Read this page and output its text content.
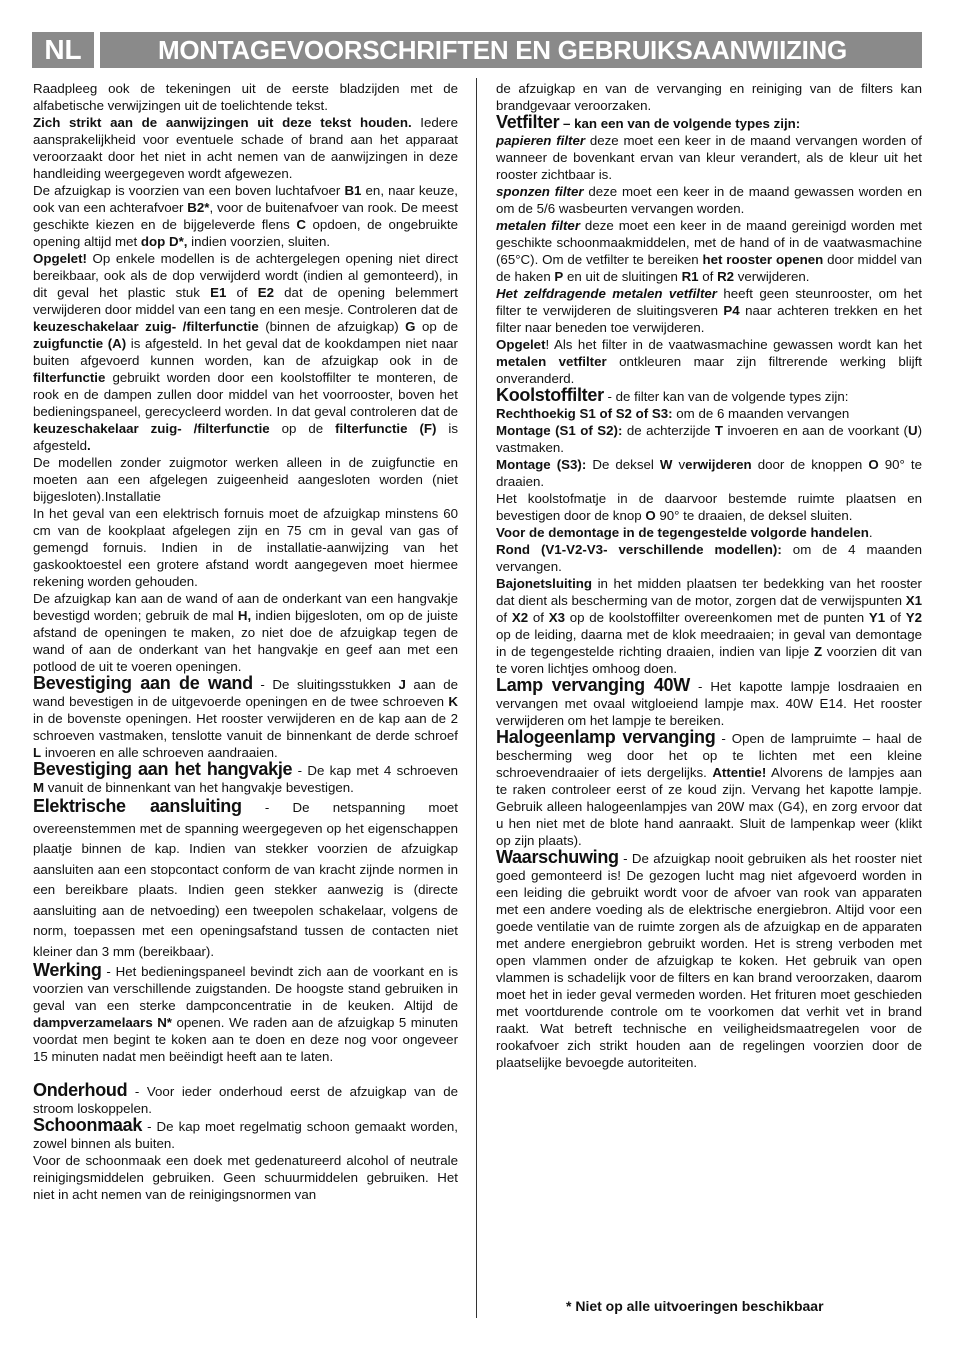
NL	MONTAGEVOORSCHRIFTEN EN GEBRUIKSAANWIIZING

Raadpleeg ook de tekeningen uit de eerste bladzijden met de alfabetische verwijzingen uit de toelichtende tekst.

Zich strikt aan de aanwijzingen uit deze tekst houden. Iedere aansprakelijkheid voor eventuele schade of brand aan het apparaat veroorzaakt door het niet in acht nemen van de aanwijzingen in deze handleiding weergegeven wordt afgewezen.

De afzuigkap is voorzien van een boven luchtafvoer B1 en, naar keuze, ook van een achterafvoer B2*, voor de buitenafvoer van rook. De meest geschikte kiezen en de bijgeleverde flens C opdoen, de ongebruikte opening altijd met dop D*, indien voorzien, sluiten.

Opgelet! Op enkele modellen is de achtergelegen opening niet direct bereikbaar, ook als de dop verwijderd wordt (indien al gemonteerd), in dit geval het plastic stuk E1 of E2 dat de opening belemmert verwijderen door middel van een tang en een mesje. Controleren dat de keuzeschakelaar zuig- /filterfunctie (binnen de afzuigkap) G op de zuigfunctie (A) is afgesteld. In het geval dat de kookdampen niet naar buiten afgevoerd kunnen worden, kan de afzuigkap ook in de filterfunctie gebruikt worden door een koolstoffilter te monteren, de rook en de dampen zullen door middel van het voorrooster, boven het bedieningspaneel, gerecycleerd worden. In dat geval controleren dat de keuzeschakelaar zuig- /filterfunctie op de filterfunctie (F) is afgesteld.

De modellen zonder zuigmotor werken alleen in de zuigfunctie en moeten aan een afgelegen zuigeenheid aangesloten worden (niet bijgesloten).Installatie

In het geval van een elektrisch fornuis moet de afzuigkap minstens 60 cm van de kookplaat afgelegen zijn en 75 cm in geval van gas of gemengd fornuis. Indien in de installatie-aanwijzing van het gaskooktoestel een grotere afstand wordt aangegeven moet hiermee rekening worden gehouden.

De afzuigkap kan aan de wand of aan de onderkant van een hangvakje bevestigd worden; gebruik de mal H, indien bijgesloten, om op de juiste afstand de openingen te maken, zo niet doe de afzuigkap tegen de wand of aan de onderkant van het hangvakje en geef aan met een potlood de uit te voeren openingen.

Bevestiging aan de wand - De sluitingsstukken J aan de wand bevestigen in de uitgevoerde openingen en de twee schroeven K in de bovenste openingen. Het rooster verwijderen en de kap aan de 2 schroeven vastmaken, tenslotte vanuit de binnenkant de derde schroef L invoeren en alle schroeven aandraaien.

Bevestiging aan het hangvakje - De kap met 4 schroeven M vanuit de binnenkant van het hangvakje bevestigen.

Elektrische aansluiting - De netspanning moet overeenstemmen met de spanning weergegeven op het eigenschappen plaatje binnen de kap. Indien van stekker voorzien de afzuigkap aansluiten aan een stopcontact conform de van kracht zijnde normen in een bereikbare plaats. Indien geen stekker aanwezig is (directe aansluiting aan de netvoeding) een tweepolen schakelaar, volgens de norm, toepassen met een openingsafstand tussen de contacten niet kleiner dan 3 mm (bereikbaar).

Werking - Het bedieningspaneel bevindt zich aan de voorkant en is voorzien van verschillende zuigstanden. De hoogste stand gebruiken in geval van een sterke dampconcentratie in de keuken. Altijd de dampverzamelaars N* openen. We raden aan de afzuigkap 5 minuten voordat men begint te koken aan te doen en deze nog voor ongeveer 15 minuten nadat men beëindigt heeft aan te laten.

Onderhoud - Voor ieder onderhoud eerst de afzuigkap van de stroom loskoppelen.

Schoonmaak - De kap moet regelmatig schoon gemaakt worden, zowel binnen als buiten.

Voor de schoonmaak een doek met gedenatureerd alcohol of neutrale reinigingsmiddelen gebruiken. Geen schuurmiddelen gebruiken. Het niet in acht nemen van de reinigingsnormen van

de afzuigkap en van de vervanging en reiniging van de filters kan brandgevaar veroorzaken.

Vetfilter – kan een van de volgende types zijn:

papieren filter deze moet een keer in de maand vervangen worden of wanneer de bovenkant ervan van kleur verandert, als de kleur uit het rooster zichtbaar is.

sponzen filter deze moet een keer in de maand gewassen worden en om de 5/6 wasbeurten vervangen worden.

metalen filter deze moet een keer in de maand gereinigd worden met geschikte schoonmaakmiddelen, met de hand of in de vaatwasmachine (65°C). Om de vetfilter te bereiken het rooster openen door middel van de haken P en uit de sluitingen R1 of R2 verwijderen.

Het zelfdragende metalen vetfilter heeft geen steunrooster, om het filter te verwijderen de sluitingsveren P4 naar achteren trekken en het filter naar beneden toe verwijderen.

Opgelet! Als het filter in de vaatwasmachine gewassen wordt kan het metalen vetfilter ontkleuren maar zijn filtrerende werking blijft onveranderd.

Koolstoffilter - de filter kan van de volgende types zijn:

Rechthoekig S1 of S2 of S3: om de 6 maanden vervangen

Montage (S1 of S2): de achterzijde T invoeren en aan de voorkant (U) vastmaken.

Montage (S3): De deksel W verwijderen door de knoppen O 90° te draaien.

Het koolstofmatje in de daarvoor bestemde ruimte plaatsen en bevestigen door de knop O 90° te draaien, de deksel sluiten.

Voor de demontage in de tegengestelde volgorde handelen.

Rond (V1-V2-V3- verschillende modellen): om de 4 maanden vervangen.

Bajonetsluiting in het midden plaatsen ter bedekking van het rooster dat dient als bescherming van de motor, zorgen dat de verwijspunten X1 of X2 of X3 op de koolstoffilter overeenkomen met de punten Y1 of Y2 op de leiding, daarna met de klok meedraaien; in geval van demontage in de tegengestelde richting draaien, indien van lipje Z voorzien dit van te voren lichtjes omhoog doen.

Lamp vervanging 40W - Het kapotte lampje losdraaien en vervangen met ovaal witgloeiend lampje max. 40W E14. Het rooster verwijderen om het lampje te bereiken.

Halogeenlamp vervanging - Open de lampruimte – haal de bescherming weg door het op te lichten met een kleine schroevendraaier of iets dergelijks. Attentie! Alvorens de lampjes aan te raken controleer eerst of ze koud zijn. Vervang het kapotte lampje. Gebruik alleen halogeenlampjes van 20W max (G4), en zorg ervoor dat u hen niet met de blote hand aanraakt. Sluit de lampenkap weer (klikt op zijn plaats).

Waarschuwing - De afzuigkap nooit gebruiken als het rooster niet goed gemonteerd is! De gezogen lucht mag niet afgevoerd worden in een leiding die gebruikt wordt voor de afvoer van rook van apparaten met een andere voeding als de elektrische energiebron. Altijd voor een goede ventilatie van de ruimte zorgen als de afzuigkap en de apparaten met andere energiebron gebruikt worden. Het is streng verboden met open vlammen onder de afzuigkap te koken. Het gebruik van open vlammen is schadelijk voor de filters en kan brand veroorzaken, daarom moet het in ieder geval vermeden worden. Het frituren moet geschieden met voortdurende controle om te voorkomen dat verhit vet in brand raakt. Wat betreft technische en veiligheidsmaatregelen voor de rookafvoer zich strikt houden aan de regelingen voorzien door de plaatselijke bevoegde autoriteiten.

* Niet op alle uitvoeringen beschikbaar
